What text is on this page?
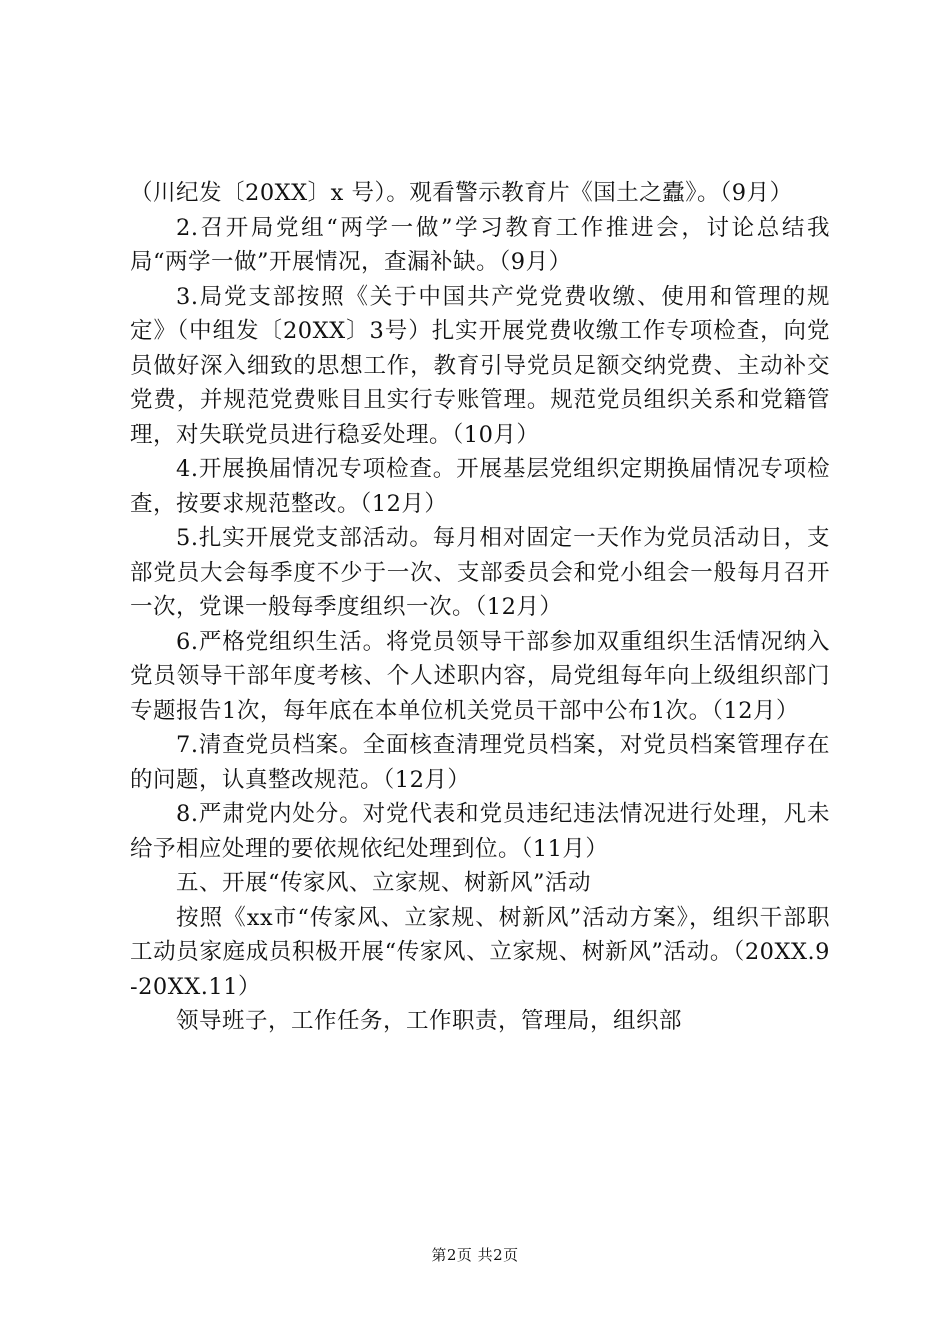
（川纪发〔20XX〕x 号）。观看警示教育片《国土之蠹》。（9月）

2.召开局党组“两学一做”学习教育工作推进会，讨论总结我局“两学一做”开展情况，查漏补缺。（9月）

3.局党支部按照《关于中国共产党党费收缴、使用和管理的规定》（中组发〔20XX〕3号）扎实开展党费收缴工作专项检查，向党员做好深入细致的思想工作，教育引导党员足额交纳党费、主动补交党费，并规范党费账目且实行专账管理。规范党员组织关系和党籍管理，对失联党员进行稳妥处理。（10月）

4.开展换届情况专项检查。开展基层党组织定期换届情况专项检查，按要求规范整改。（12月）

5.扎实开展党支部活动。每月相对固定一天作为党员活动日，支部党员大会每季度不少于一次、支部委员会和党小组会一般每月召开一次，党课一般每季度组织一次。（12月）

6.严格党组织生活。将党员领导干部参加双重组织生活情况纳入党员领导干部年度考核、个人述职内容，局党组每年向上级组织部门专题报告1次，每年底在本单位机关党员干部中公布1次。（12月）

7.清查党员档案。全面核查清理党员档案，对党员档案管理存在的问题，认真整改规范。（12月）

8.严肃党内处分。对党代表和党员违纪违法情况进行处理，凡未给予相应处理的要依规依纪处理到位。（11月）

五、开展“传家风、立家规、树新风”活动

按照《xx市“传家风、立家规、树新风”活动方案》，组织干部职工动员家庭成员积极开展“传家风、立家规、树新风”活动。（20XX.9-20XX.11）

领导班子，工作任务，工作职责，管理局，组织部

第2页 共2页
